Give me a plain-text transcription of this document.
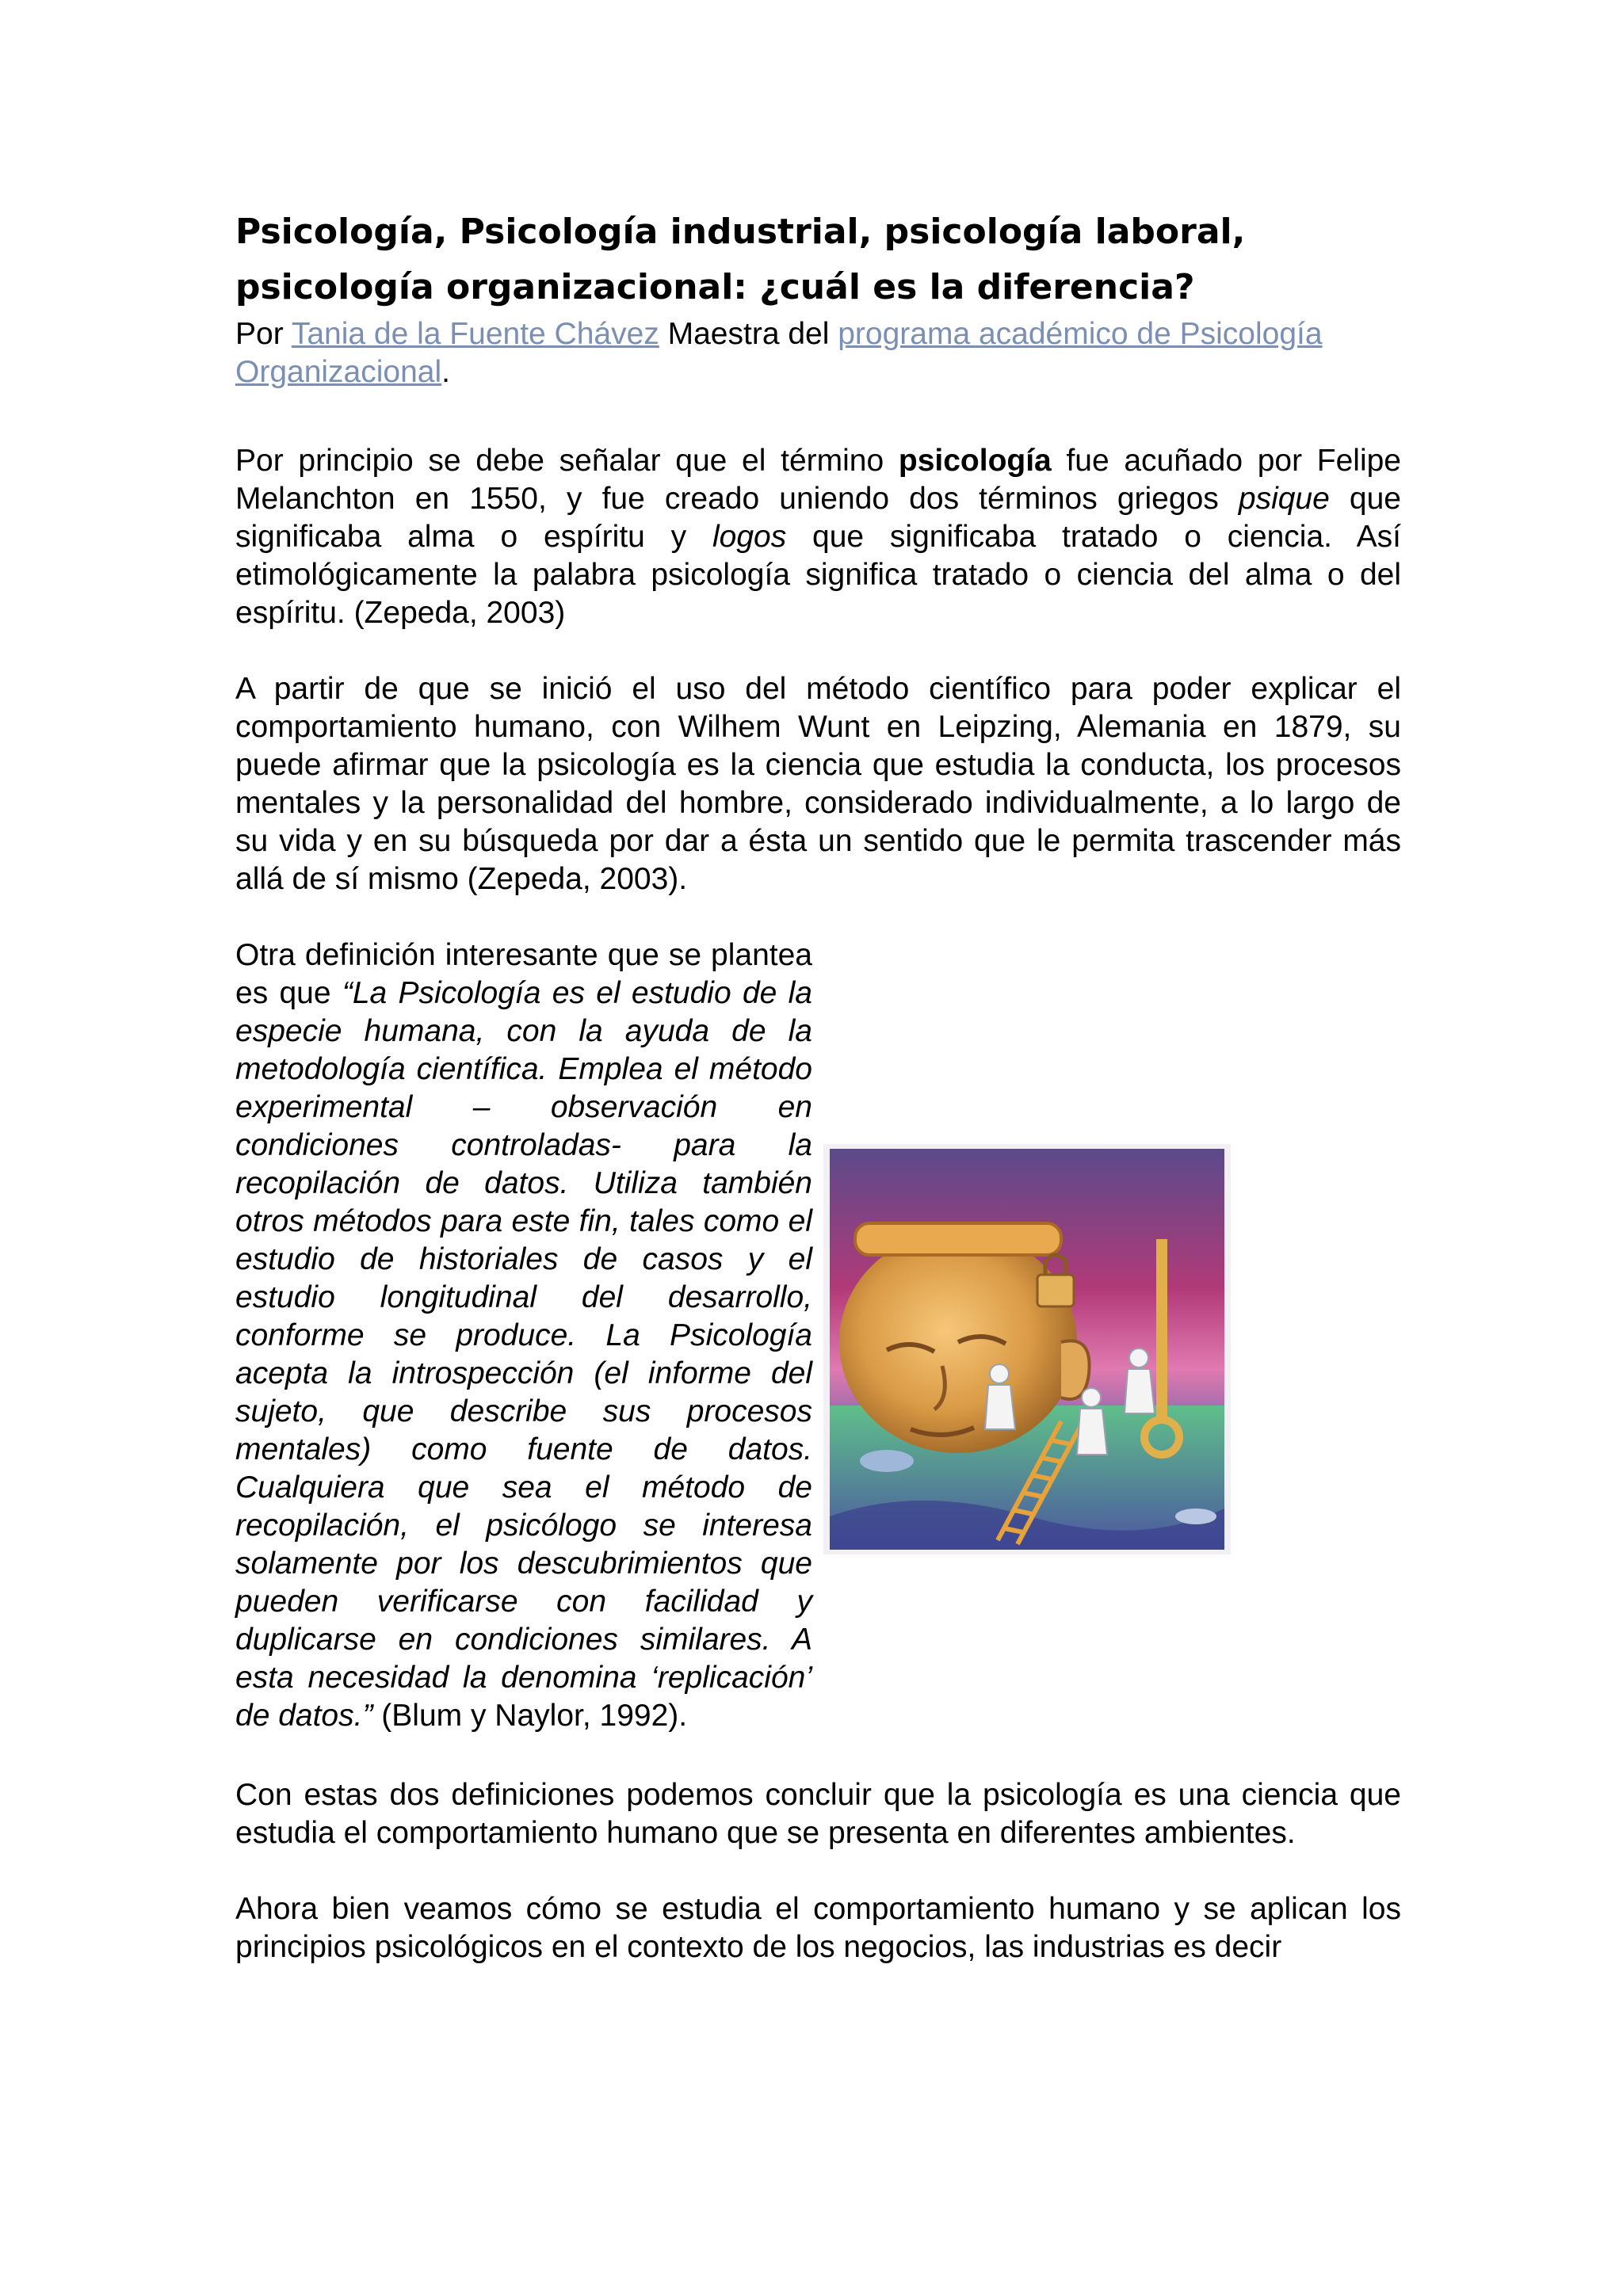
Psicología, Psicología industrial, psicología laboral,
psicología organizacional: ¿cuál es la diferencia?

Por Tania de la Fuente Chávez Maestra del programa académico de Psicología Organizacional.

Por principio se debe señalar que el término psicología fue acuñado por Felipe Melanchton en 1550, y fue creado uniendo dos términos griegos psique que significaba alma o espíritu y logos que significaba tratado o ciencia. Así etimológicamente la palabra psicología significa tratado o ciencia del alma o del espíritu. (Zepeda, 2003)

A partir de que se inició el uso del método científico para poder explicar el comportamiento humano, con Wilhem Wunt en Leipzing, Alemania en 1879, su puede afirmar que la psicología es la ciencia que estudia la conducta, los procesos mentales y la personalidad del hombre, considerado individualmente, a lo largo de su vida y en su búsqueda por dar a ésta un sentido que le permita trascender más allá de sí mismo (Zepeda, 2003).

Otra definición interesante que se plantea es que “La Psicología es el estudio de la especie humana, con la ayuda de la metodología científica. Emplea el método experimental – observación en condiciones controladas- para la recopilación de datos. Utiliza también otros métodos para este fin, tales como el estudio de historiales de casos y el estudio longitudinal del desarrollo, conforme se produce. La Psicología acepta la introspección (el informe del sujeto, que describe sus procesos mentales) como fuente de datos. Cualquiera que sea el método de recopilación, el psicólogo se interesa solamente por los descubrimientos que pueden verificarse con facilidad y duplicarse en condiciones similares. A esta necesidad la denomina ‘replicación’ de datos.” (Blum y Naylor, 1992).

Con estas dos definiciones podemos concluir que la psicología es una ciencia que estudia el comportamiento humano que se presenta en diferentes ambientes.

Ahora bien veamos cómo se estudia el comportamiento humano y se aplican los principios psicológicos en el contexto de los negocios, las industrias es decir
